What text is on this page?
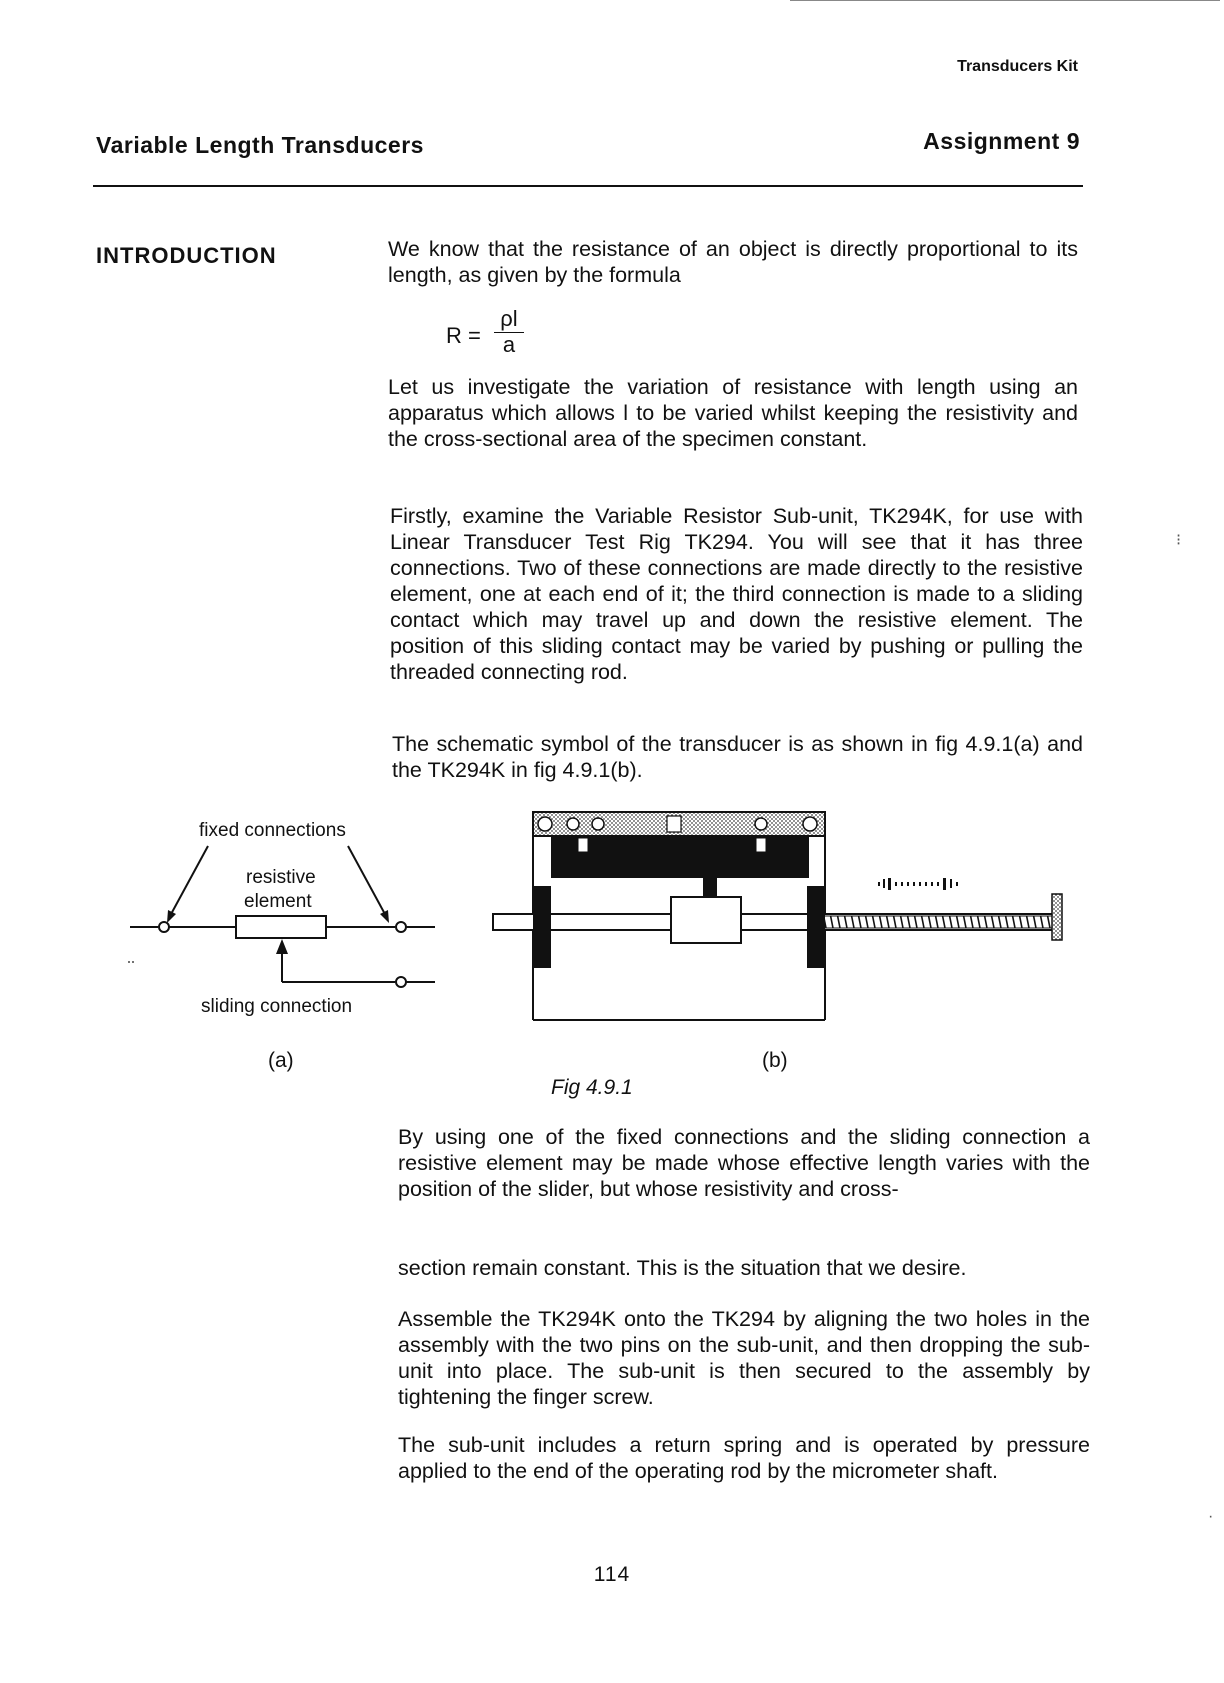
Transducers Kit
Variable Length Transducers	Assignment 9
INTRODUCTION	We know that the resistance of an object is directly proportional to its length, as given by the formula
R =
ρl
a
Let us investigate the variation of resistance with length using an apparatus which allows l to be varied whilst keeping the resistivity and the cross-sectional area of the specimen constant.
Firstly, examine the Variable Resistor Sub-unit, TK294K, for use with Linear Transducer Test Rig TK294. You will see that it has three connections. Two of these connections are made directly to the resistive element, one at each end of it; the third connection is made to a sliding contact which may travel up and down the resistive element. The position of this sliding contact may be varied by pushing or pulling the threaded connecting rod.
The schematic symbol of the transducer is as shown in fig 4.9.1(a) and the TK294K in fig 4.9.1(b).
fixed connections
resistive
element
sliding connection
(a)	(b)
Fig 4.9.1
By using one of the fixed connections and the sliding connection a resistive element may be made whose effective length varies with the position of the slider, but whose resistivity and cross-
section remain constant. This is the situation that we desire.
Assemble the TK294K onto the TK294 by aligning the two holes in the assembly with the two pins on the sub-unit, and then dropping the sub-unit into place. The sub-unit is then secured to the assembly by tightening the finger screw.
The sub-unit includes a return spring and is operated by pressure applied to the end of the operating rod by the micrometer shaft.
114
⁝
·
